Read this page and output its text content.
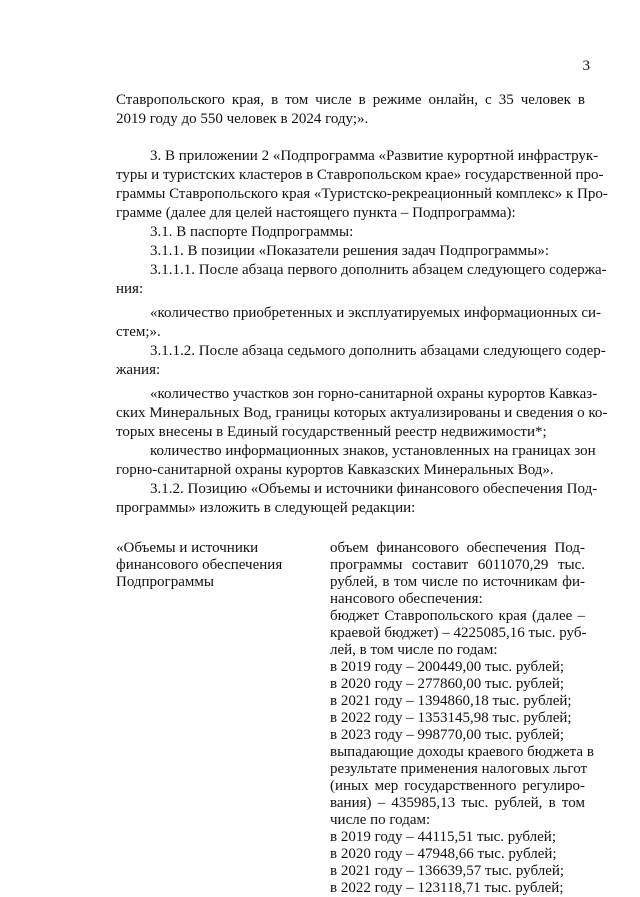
3
Ставропольского края, в том числе в режиме онлайн, с 35 человек в
2019 году до 550 человек в 2024 году;».
3. В приложении 2 «Подпрограмма «Развитие курортной инфраструк-
туры и туристских кластеров в Ставропольском крае» государственной про-
граммы Ставропольского края «Туристско-рекреационный комплекс» к Про-
грамме (далее для целей настоящего пункта – Подпрограмма):
3.1. В паспорте Подпрограммы:
3.1.1. В позиции «Показатели решения задач Подпрограммы»:
3.1.1.1. После абзаца первого дополнить абзацем следующего содержа-
ния:
«количество приобретенных и эксплуатируемых информационных си-
стем;».
3.1.1.2. После абзаца седьмого дополнить абзацами следующего содер-
жания:
«количество участков зон горно-санитарной охраны курортов Кавказ-
ских Минеральных Вод, границы которых актуализированы и сведения о ко-
торых внесены в Единый государственный реестр недвижимости*;
количество информационных знаков, установленных на границах зон
горно-санитарной охраны курортов Кавказских Минеральных Вод».
3.1.2. Позицию «Объемы и источники финансового обеспечения Под-
программы» изложить в следующей редакции:
«Объемы и источники
финансового обеспечения
Подпрограммы
объем финансового обеспечения Под-
программы составит 6011070,29 тыс.
рублей, в том числе по источникам фи-
нансового обеспечения:
бюджет Ставропольского края (далее –
краевой бюджет) – 4225085,16 тыс. руб-
лей, в том числе по годам:
в 2019 году – 200449,00 тыс. рублей;
в 2020 году – 277860,00 тыс. рублей;
в 2021 году – 1394860,18 тыс. рублей;
в 2022 году – 1353145,98 тыс. рублей;
в 2023 году – 998770,00 тыс. рублей;
выпадающие доходы краевого бюджета в
результате применения налоговых льгот
(иных мер государственного регулиро-
вания) – 435985,13 тыс. рублей, в том
числе по годам:
в 2019 году – 44115,51 тыс. рублей;
в 2020 году – 47948,66 тыс. рублей;
в 2021 году – 136639,57 тыс. рублей;
в 2022 году – 123118,71 тыс. рублей;
